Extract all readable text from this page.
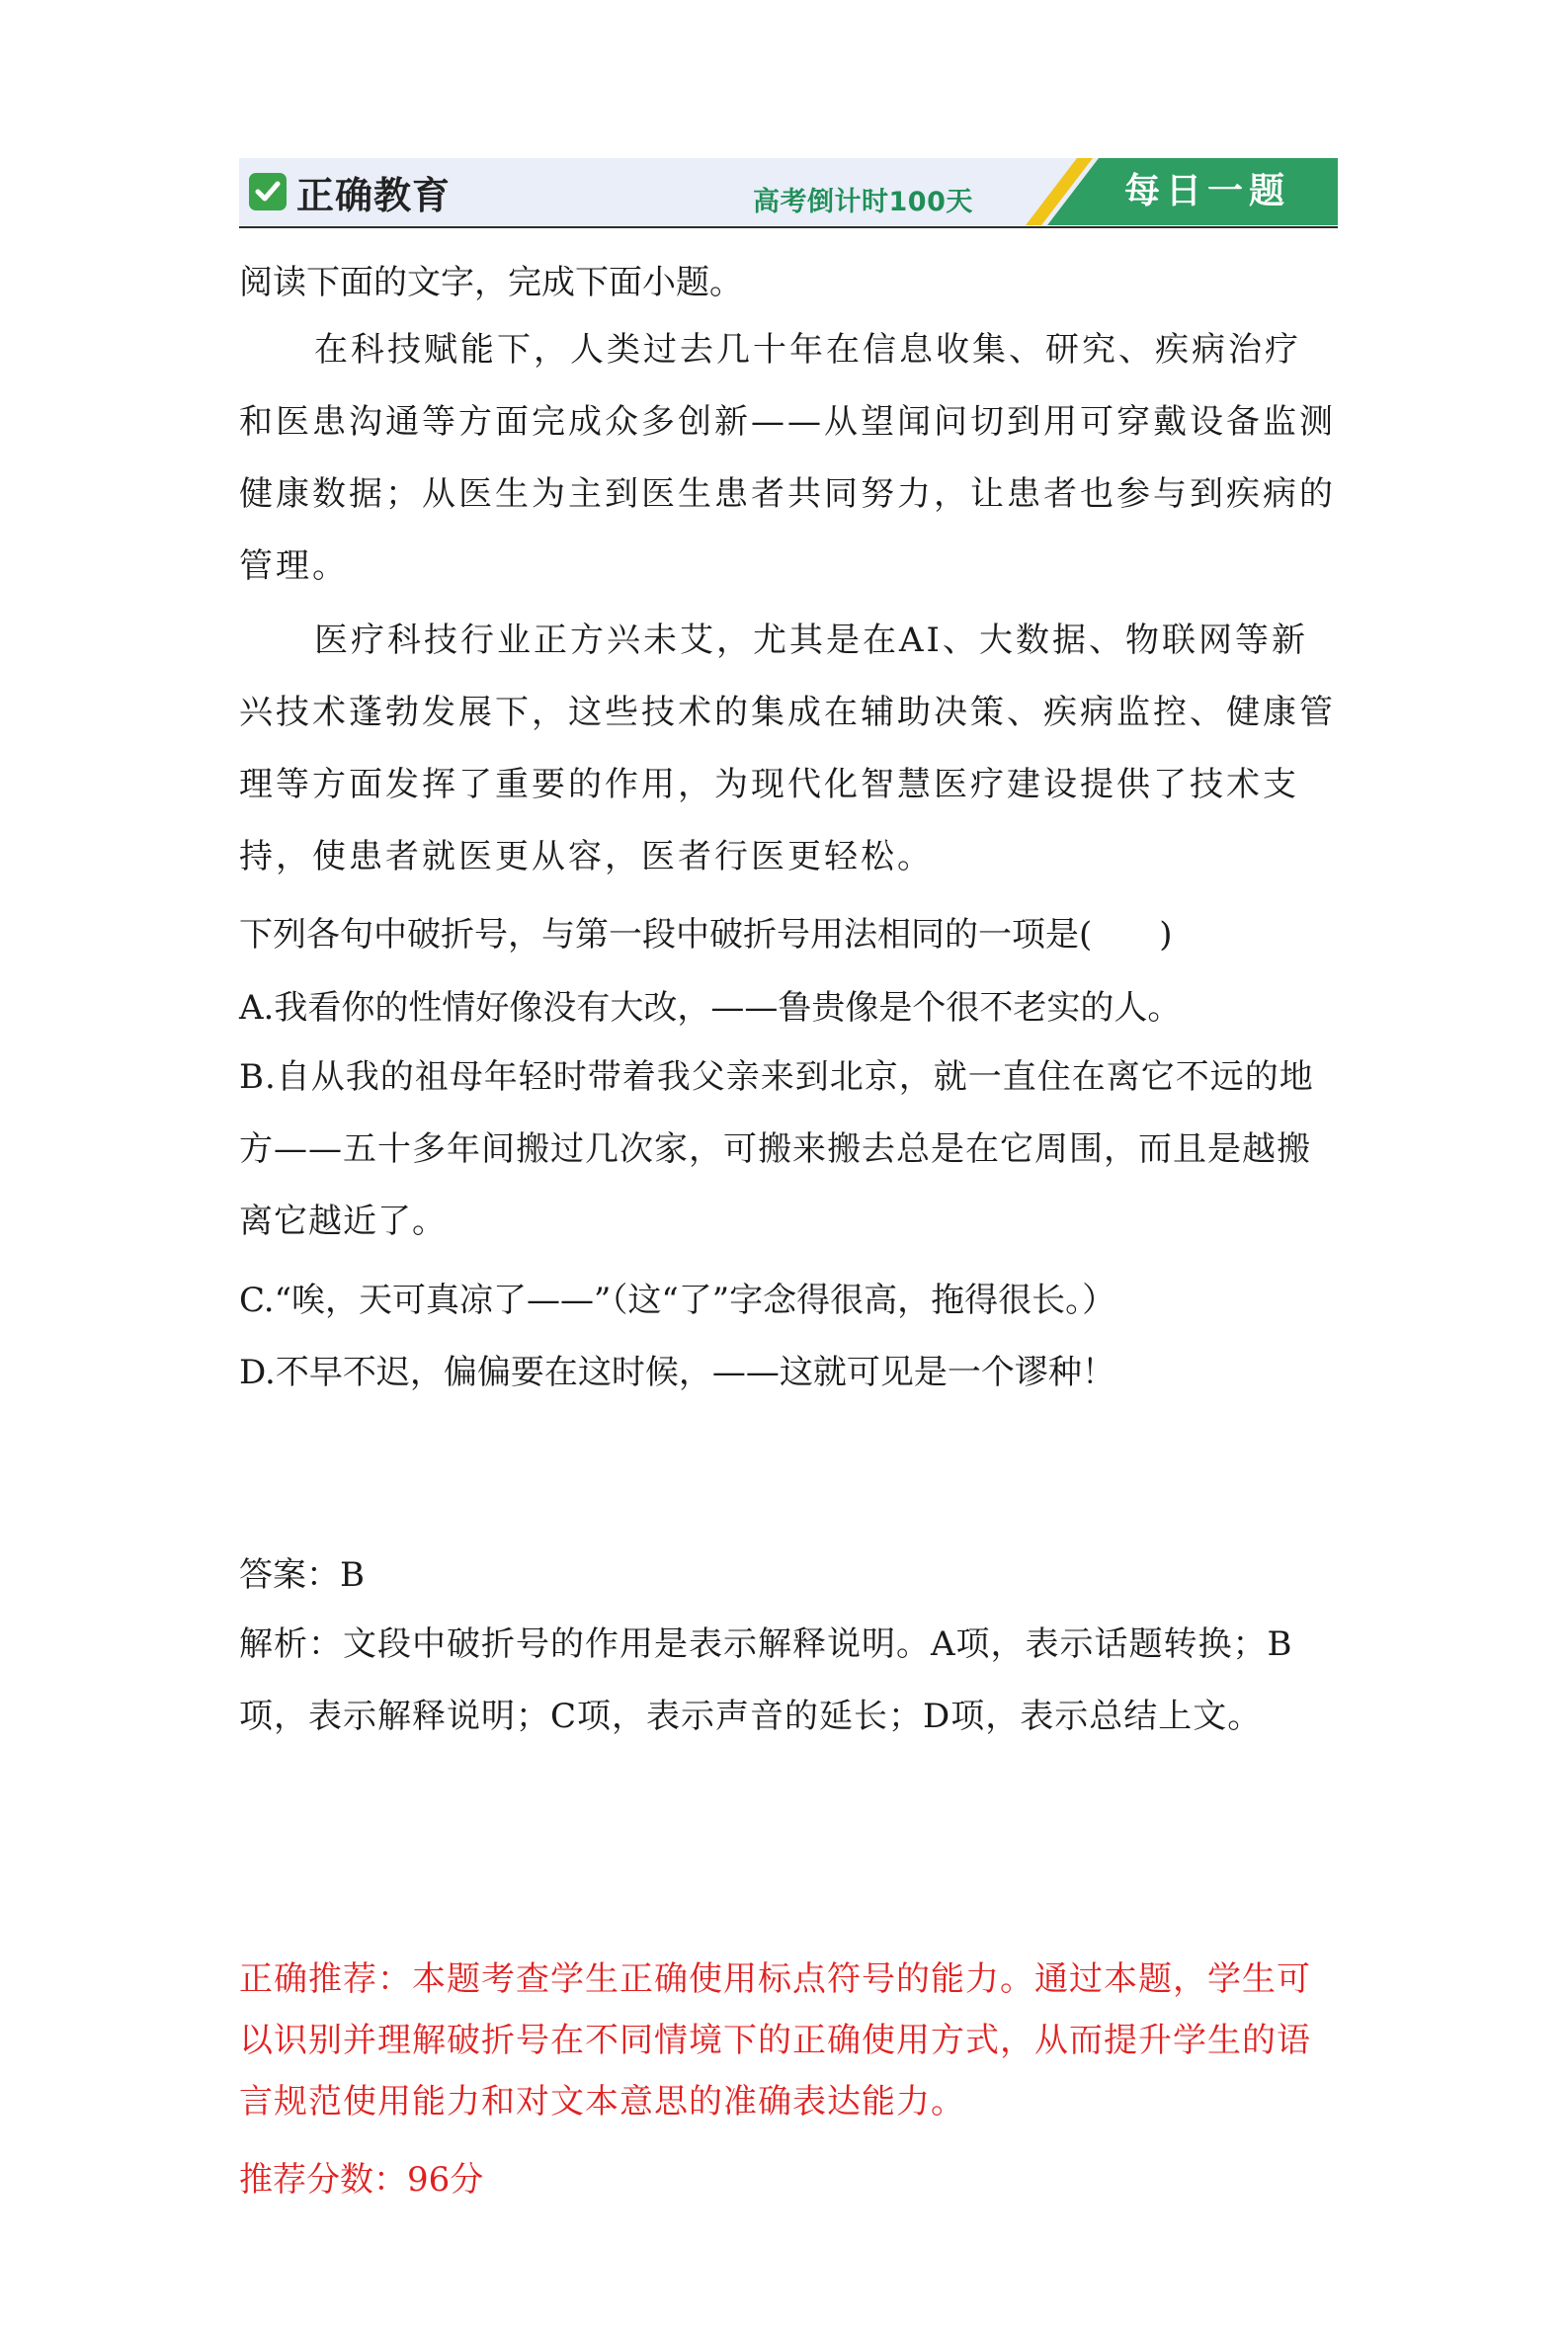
正确教育	高考倒计时100天	每日一题

阅读下面的文字，完成下面小题。

在科技赋能下，人类过去几十年在信息收集、研究、疾病治疗和医患沟通等方面完成众多创新——从望闻问切到用可穿戴设备监测健康数据；从医生为主到医生患者共同努力，让患者也参与到疾病的管理。

医疗科技行业正方兴未艾，尤其是在AI、大数据、物联网等新兴技术蓬勃发展下，这些技术的集成在辅助决策、疾病监控、健康管理等方面发挥了重要的作用，为现代化智慧医疗建设提供了技术支持，使患者就医更从容，医者行医更轻松。

下列各句中破折号，与第一段中破折号用法相同的一项是(　　)

A.我看你的性情好像没有大改，——鲁贵像是个很不老实的人。

B.自从我的祖母年轻时带着我父亲来到北京，就一直住在离它不远的地方——五十多年间搬过几次家，可搬来搬去总是在它周围，而且是越搬离它越近了。

C.“唉，天可真凉了——”（这“了”字念得很高，拖得很长。）

D.不早不迟，偏偏要在这时候，——这就可见是一个谬种！

答案：B

解析：文段中破折号的作用是表示解释说明。A项，表示话题转换；B项，表示解释说明；C项，表示声音的延长；D项，表示总结上文。

正确推荐：本题考查学生正确使用标点符号的能力。通过本题，学生可以识别并理解破折号在不同情境下的正确使用方式，从而提升学生的语言规范使用能力和对文本意思的准确表达能力。

推荐分数：96分
